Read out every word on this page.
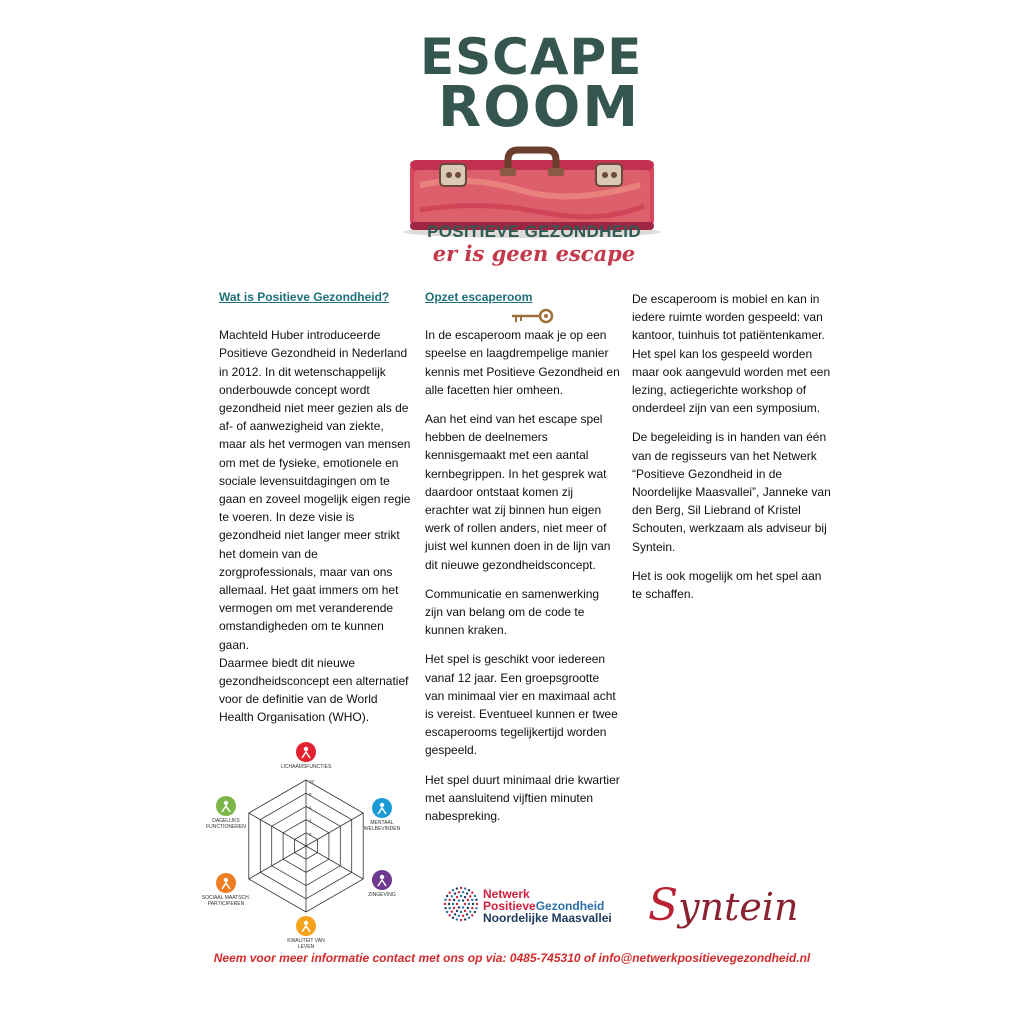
ESCAPE
ROOM
POSITIEVE GEZONDHEID
er is geen escape
Wat is Positieve Gezondheid?

Machteld Huber introduceerde Positieve Gezondheid in Nederland in 2012. In dit wetenschappelijk onderbouwde concept wordt gezondheid niet meer gezien als de af- of aanwezigheid van ziekte, maar als het vermogen van mensen om met de fysieke, emotionele en sociale levensuitdagingen om te gaan en zoveel mogelijk eigen regie te voeren. In deze visie is gezondheid niet langer meer strikt het domein van de zorgprofessionals, maar van ons allemaal. Het gaat immers om het vermogen om met veranderende omstandigheden om te kunnen gaan.

Daarmee biedt dit nieuwe gezondheidsconcept een alternatief voor de definitie van de World Health Organisation (WHO).

Opzet escaperoom

In de escaperoom maak je op een speelse en laagdrempelige manier kennis met Positieve Gezondheid en alle facetten hier omheen.

Aan het eind van het escape spel hebben de deelnemers kennisgemaakt met een aantal kernbegrippen. In het gesprek wat daardoor ontstaat komen zij erachter wat zij binnen hun eigen werk of rollen anders, niet meer of juist wel kunnen doen in de lijn van dit nieuwe gezondheidsconcept.

Communicatie en samenwerking zijn van belang om de code te kunnen kraken.

Het spel is geschikt voor iedereen vanaf 12 jaar. Een groepsgrootte van minimaal vier en maximaal acht is vereist. Eventueel kunnen er twee escaperooms tegelijkertijd worden gespeeld.

Het spel duurt minimaal drie kwartier met aansluitend vijftien minuten nabespreking.

De escaperoom is mobiel en kan in iedere ruimte worden gespeeld: van kantoor, tuinhuis tot patiëntenkamer. Het spel kan los gespeeld worden maar ook aangevuld worden met een lezing, actiegerichte workshop of onderdeel zijn van een symposium.

De begeleiding is in handen van één van de regisseurs van het Netwerk “Positieve Gezondheid in de Noordelijke Maasvallei”, Janneke van den Berg, Sil Liebrand of Kristel Schouten, werkzaam als adviseur bij Syntein.

Het is ook mogelijk om het spel aan te schaffen.

10
8
6
4
2
LICHAAMSFUNCTIES
MENTAAL
WELBEVINDEN
ZINGEVING
KWALITEIT VAN
LEVEN
SOCIAAL MAATSCH.
PARTICIPEREN
DAGELIJKS
FUNCTIONEREN
Netwerk
PositieveGezondheid
Noordelijke Maasvallei Syntein
Neem voor meer informatie contact met ons op via: 0485-745310 of info@netwerkpositievegezondheid.nl
